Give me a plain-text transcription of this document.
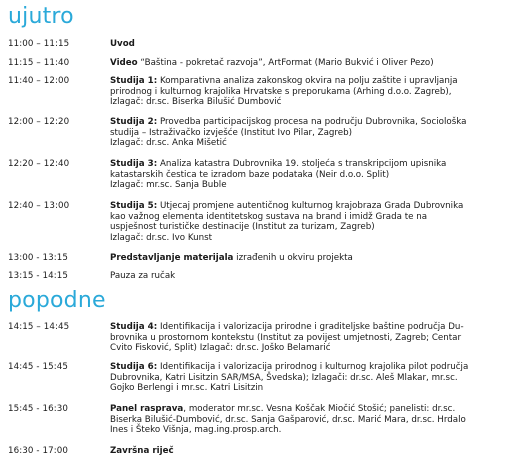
ujutro
11:00 – 11:15	Uvod
11:15 – 11:40	Video “Baština - pokretač razvoja”, ArtFormat (Mario Bukvić i Oliver Pezo)
11:40 – 12:00	Studija 1: Komparativna analiza zakonskog okvira na polju zaštite i upravljanja
prirodnog i kulturnog krajolika Hrvatske s preporukama (Arhing d.o.o. Zagreb),
Izlagač: dr.sc. Biserka Bilušić Dumbović
12:00 – 12:20	Studija 2: Provedba participacijskog procesa na području Dubrovnika, Sociološka
studija – Istraživačko izvješće (Institut Ivo Pilar, Zagreb)
Izlagač: dr.sc. Anka Mišetić
12:20 – 12:40	Studija 3: Analiza katastra Dubrovnika 19. stoljeća s transkripcijom upisnika
katastarskih čestica te izradom baze podataka (Neir d.o.o. Split)
Izlagač: mr.sc. Sanja Buble
12:40 – 13:00	Studija 5: Utjecaj promjene autentičnog kulturnog krajobraza Grada Dubrovnika
kao važnog elementa identitetskog sustava na brand i imidž Grada te na
uspješnost turističke destinacije (Institut za turizam, Zagreb)
Izlagač: dr.sc. Ivo Kunst
13:00 - 13:15	Predstavljanje materijala izrađenih u okviru projekta
13:15 - 14:15	Pauza za ručak
popodne
14:15 – 14:45	Studija 4: Identifikacija i valorizacija prirodne i graditeljske baštine područja Du-
brovnika u prostornom kontekstu (Institut za povijest umjetnosti, Zagreb; Centar
Cvito Fisković, Split) Izlagač: dr.sc. Joško Belamarić
14:45 - 15:45	Studija 6: Identifikacija i valorizacija prirodnog i kulturnog krajolika pilot područja
Dubrovnika, Katri Lisitzin SAR/MSA, Švedska); Izlagači: dr.sc. Aleš Mlakar, mr.sc.
Gojko Berlengi i mr.sc. Katri Lisitzin
15:45 - 16:30	Panel rasprava, moderator mr.sc. Vesna Koščak Miočić Stošić; panelisti: dr.sc.
Biserka Bilušić-Dumbović, dr.sc. Sanja Gašparović, dr.sc. Marić Mara, dr.sc. Hrdalo
Ines i Šteko Višnja, mag.ing.prosp.arch.
16:30 - 17:00	Završna riječ
